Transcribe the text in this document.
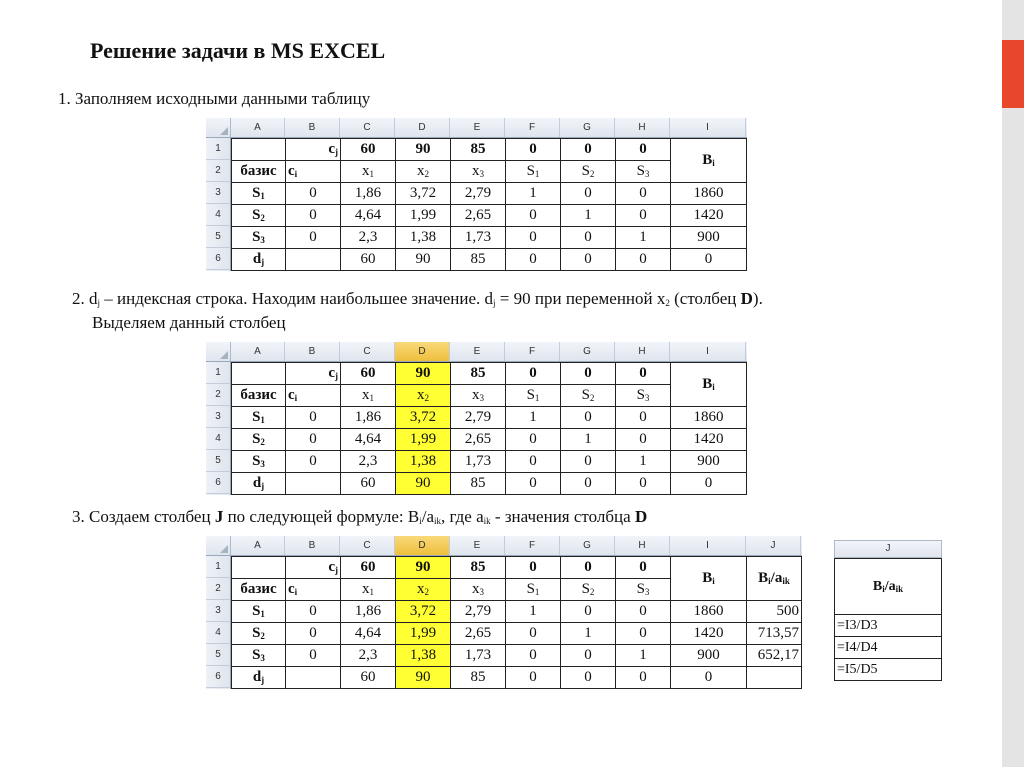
Решение задачи в MS EXCEL
1. Заполняем исходными данными таблицу
2. $d_j$ – индексная строка. Находим наибольшее значение. $d_j = 90$ при переменной $x_2$ (столбец D).
Выделяем данный столбец
3. Создаем столбец J по следующей формуле: $B_i/a_{ik}$, где $a_{ik}$ - значения столбца D
A	B	C	D	E	F	G	H	I
1
2
3
4
5
6
	$c_j$	60	90	85	0	0	0	$B_i$
базис	$c_i$	$x_1$	$x_2$	$x_3$	$S_1$	$S_2$	$S_3$
$S_1$	0	1,86	3,72	2,79	1	0	0	1860
$S_2$	0	4,64	1,99	2,65	0	1	0	1420
$S_3$	0	2,3	1,38	1,73	0	0	1	900
$d_j$		60	90	85	0	0	0	0
A	B	C	D	E	F	G	H	I
1
2
3
4
5
6
	$c_j$	60	90	85	0	0	0	$B_i$
базис	$c_i$	$x_1$	$x_2$	$x_3$	$S_1$	$S_2$	$S_3$
$S_1$	0	1,86	3,72	2,79	1	0	0	1860
$S_2$	0	4,64	1,99	2,65	0	1	0	1420
$S_3$	0	2,3	1,38	1,73	0	0	1	900
$d_j$		60	90	85	0	0	0	0
A	B	C	D	E	F	G	H	I	J
1
2
3
4
5
6
	$c_j$	60	90	85	0	0	0	$B_i$	$B_i/a_{ik}$
базис	$c_i$	$x_1$	$x_2$	$x_3$	$S_1$	$S_2$	$S_3$
$S_1$	0	1,86	3,72	2,79	1	0	0	1860	500
$S_2$	0	4,64	1,99	2,65	0	1	0	1420	713,57
$S_3$	0	2,3	1,38	1,73	0	0	1	900	652,17
$d_j$		60	90	85	0	0	0	0	
J
$B_i/a_{ik}$
=I3/D3
=I4/D4
=I5/D5
